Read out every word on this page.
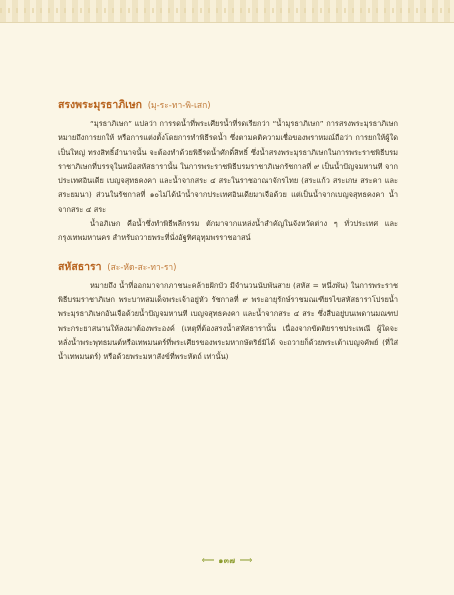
สรงพระมุรธาภิเษก (มุ-ระ-ทา-พิ-เสก)

“มุรธาภิเษก” แปลว่า การรดน้ำที่พระเศียรน้ำที่รดเรียกว่า “น้ำมุรธาภิเษก” การสรงพระมุรธาภิเษก หมายถึงการยกให้ หรือการแต่งตั้งโดยการทำพิธีรดน้ำ ซึ่งตามคติความเชื่อของพราหมณ์ถือว่า การยกให้ผู้ใดเป็นใหญ่ ทรงสิทธิ์อำนาจนั้น จะต้องทำด้วยพิธีรดน้ำศักดิ์สิทธิ์ ซึ่งน้ำสรงพระมุรธาภิเษกในการพระราชพิธีบรมราชาภิเษกที่บรรจุในหม้อสหัสธารานั้น ในการพระราชพิธีบรมราชาภิเษกรัชกาลที่ ๙ เป็นน้ำปัญจมหานที จากประเทศอินเดีย เบญจสุทธคงคา และน้ำจากสระ ๔ สระในราชอาณาจักรไทย (สระแก้ว สระเกษ สระคา และสระยมนา) ส่วนในรัชกาลที่ ๑๐ไม่ได้นำน้ำจากประเทศอินเดียมาเจือด้วย แต่เป็นน้ำจากเบญจสุทธคงคา น้ำจากสระ ๔ สระ

น้ำอภิเษก คือน้ำซึ่งทำพิธีพลีกรรม ตักมาจากแหล่งน้ำสำคัญในจังหวัดต่าง ๆ ทั่วประเทศ และกรุงเทพมหานคร สำหรับถวายพระที่นั่งอัฐทิศอุทุมพรราชอาสน์

สหัสธารา (สะ-หัด-สะ-ทา-รา)

หมายถึง น้ำที่ออกมาจากภาชนะคล้ายฝักบัว มีจำนวนนับพันสาย (สหัส = หนึ่งพัน) ในการพระราชพิธีบรมราชาภิเษก พระบาทสมเด็จพระเจ้าอยู่หัว รัชกาลที่ ๙ พระอายุรักษ์ราชมณเฑียรไขสหัสธาราโปรยน้ำพระมุรธาภิเษกอันเจือด้วยน้ำปัญจมหานที เบญจสุทธคงคา และน้ำจากสระ ๔ สระ ซึ่งสืบอยู่บนเพดานมณฑปพระกระยาสนานให้ลงมาต้องพระองค์ (เหตุที่ต้องสรงน้ำสหัสธารานั้น เนื่องจากขัตติยราชประเพณี ผู้ใดจะหลั่งน้ำพระพุทธมนต์หรือเทพมนตร์ที่พระเศียรของพระมหากษัตริย์มิได้ จะถวายก็ด้วยพระเต้าเบญจคัพย์ (ที่ใส่น้ำเทพมนตร์) หรือด้วยพระมหาสังข์ที่พระหัตถ์ เท่านั้น)

⟸ ๑๓๗ ⟹
